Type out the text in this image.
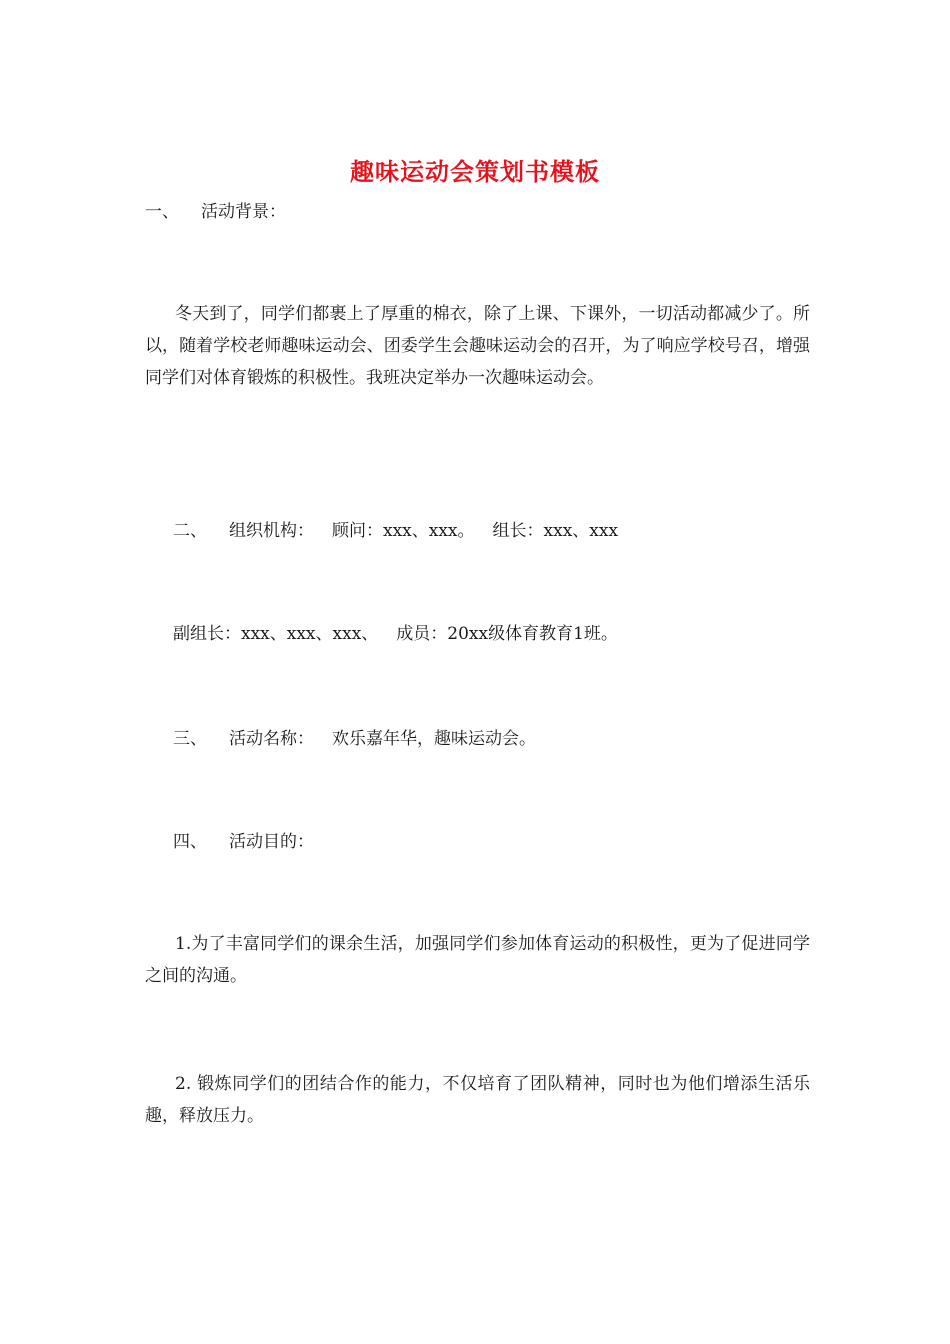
趣味运动会策划书模板
一、 活动背景：
冬天到了，同学们都裹上了厚重的棉衣，除了上课、下课外，一切活动都减少了。所以，随着学校老师趣味运动会、团委学生会趣味运动会的召开，为了响应学校号召，增强同学们对体育锻炼的积极性。我班决定举办一次趣味运动会。
二、 组织机构： 顾问：xxx、xxx。 组长：xxx、xxx
副组长：xxx、xxx、xxx、 成员：20xx级体育教育1班。
三、 活动名称： 欢乐嘉年华，趣味运动会。
四、 活动目的：
1.为了丰富同学们的课余生活，加强同学们参加体育运动的积极性，更为了促进同学之间的沟通。
2. 锻炼同学们的团结合作的能力，不仅培育了团队精神，同时也为他们增添生活乐趣，释放压力。
